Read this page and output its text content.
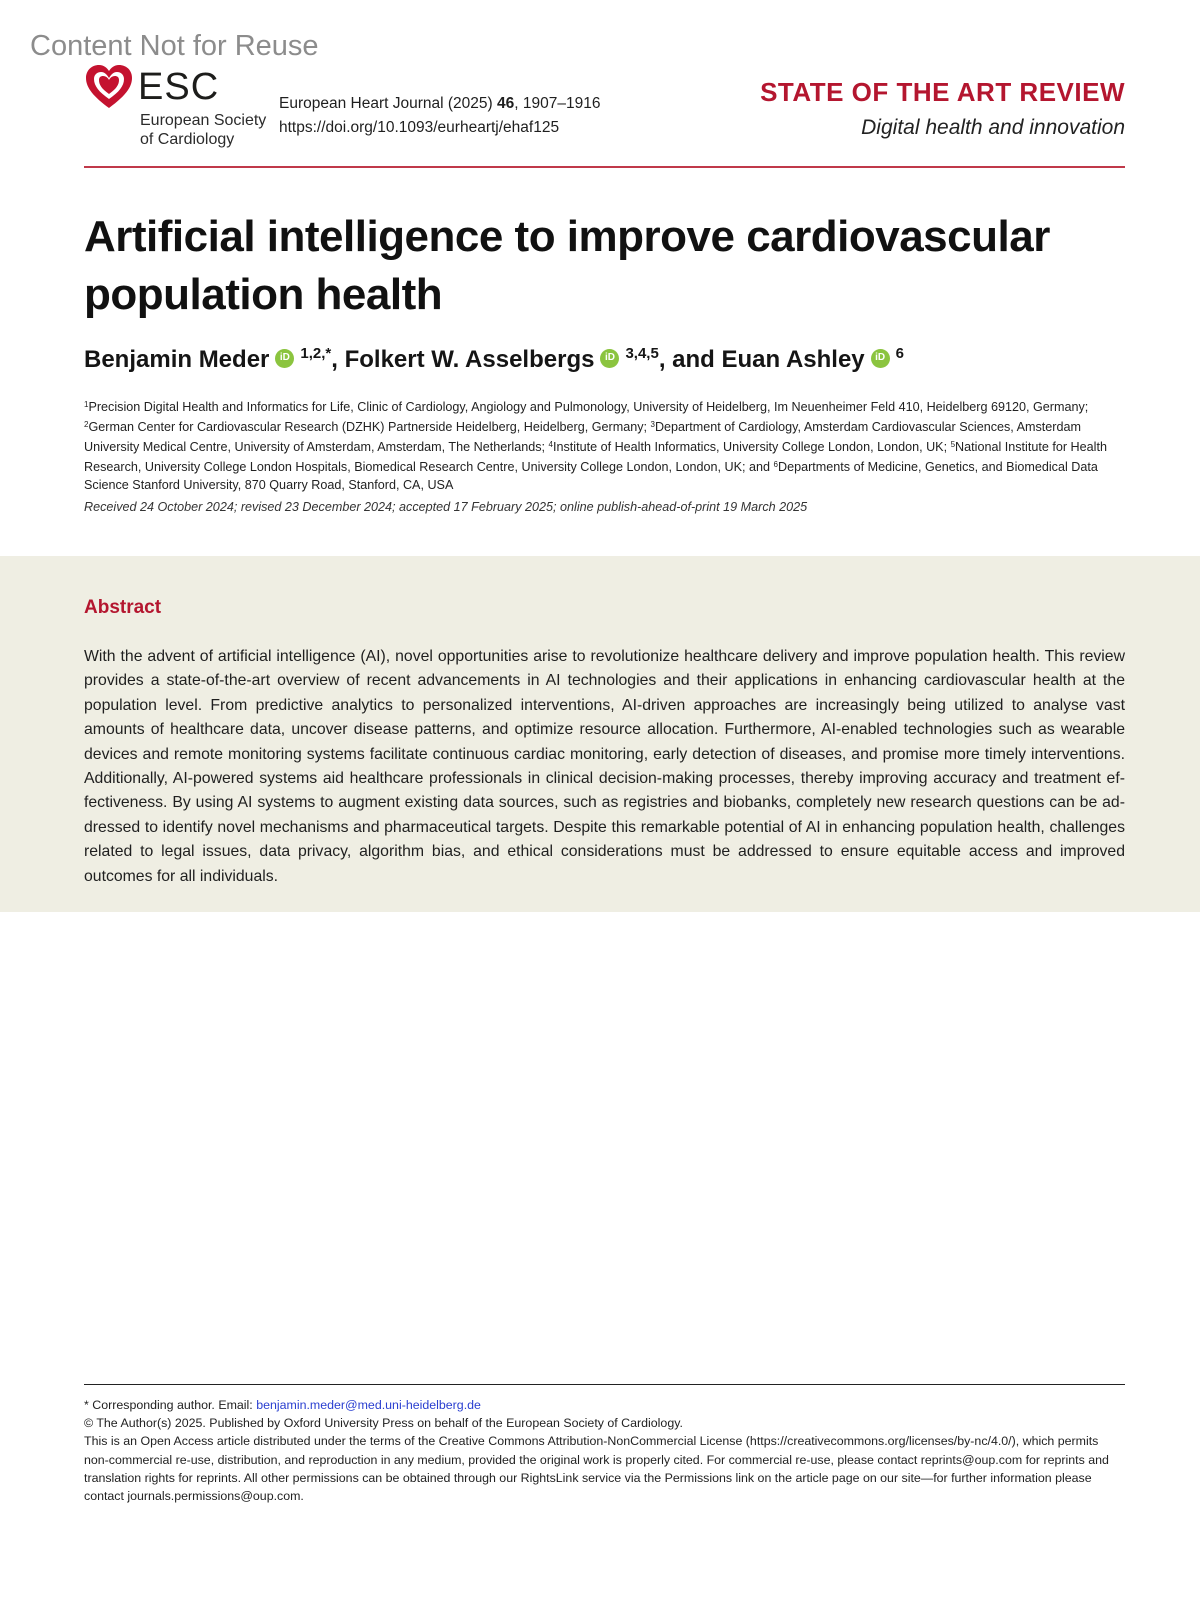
Content Not for Reuse
ESC
European Society
of Cardiology
European Heart Journal (2025) 46, 1907–1916
https://doi.org/10.1093/eurheartj/ehaf125
STATE OF THE ART REVIEW
Digital health and innovation
Artificial intelligence to improve cardiovascular population health
Benjamin Meder iD $^{1,2,*}$, Folkert W. Asselbergs iD $^{3,4,5}$, and Euan Ashley iD $^6$
$^1$Precision Digital Health and Informatics for Life, Clinic of Cardiology, Angiology and Pulmonology, University of Heidelberg, Im Neuenheimer Feld 410, Heidelberg 69120, Germany; $^2$German Center for Cardiovascular Research (DZHK) Partnerside Heidelberg, Heidelberg, Germany; $^3$Department of Cardiology, Amsterdam Cardiovascular Sciences, Amsterdam University Medical Centre, University of Amsterdam, Amsterdam, The Netherlands; $^4$Institute of Health Informatics, University College London, London, UK; $^5$National Institute for Health Research, University College London Hospitals, Biomedical Research Centre, University College London, London, UK; and $^6$Departments of Medicine, Genetics, and Biomedical Data Science Stanford University, 870 Quarry Road, Stanford, CA, USA
Received 24 October 2024; revised 23 December 2024; accepted 17 February 2025; online publish-ahead-of-print 19 March 2025
Abstract
With the advent of artificial intelligence (AI), novel opportunities arise to revolutionize healthcare delivery and improve population health. This review provides a state-of-the-art overview of recent advancements in AI technologies and their applications in enhancing cardiovascular health at the population level. From predictive analytics to personalized interventions, AI-driven approaches are increasingly being utilized to analyse vast amounts of healthcare data, uncover disease patterns, and optimize resource allocation. Furthermore, AI-enabled technologies such as wearable devices and remote monitoring systems facilitate continuous cardiac monitoring, early detection of diseases, and promise more timely interventions. Additionally, AI-powered systems aid healthcare professionals in clinical decision-making processes, thereby improving accuracy and treatment effectiveness. By using AI systems to augment existing data sources, such as registries and biobanks, completely new research questions can be addressed to identify novel mechanisms and pharmaceutical targets. Despite this remarkable potential of AI in enhancing population health, challenges related to legal issues, data privacy, algorithm bias, and ethical considerations must be addressed to ensure equitable access and improved outcomes for all individuals.

* Corresponding author. Email: benjamin.meder@med.uni-heidelberg.de

© The Author(s) 2025. Published by Oxford University Press on behalf of the European Society of Cardiology.

This is an Open Access article distributed under the terms of the Creative Commons Attribution-NonCommercial License (https://creativecommons.org/licenses/by-nc/4.0/), which permits non-commercial re-use, distribution, and reproduction in any medium, provided the original work is properly cited. For commercial re-use, please contact reprints@oup.com for reprints and translation rights for reprints. All other permissions can be obtained through our RightsLink service via the Permissions link on the article page on our site—for further information please contact journals.permissions@oup.com.
